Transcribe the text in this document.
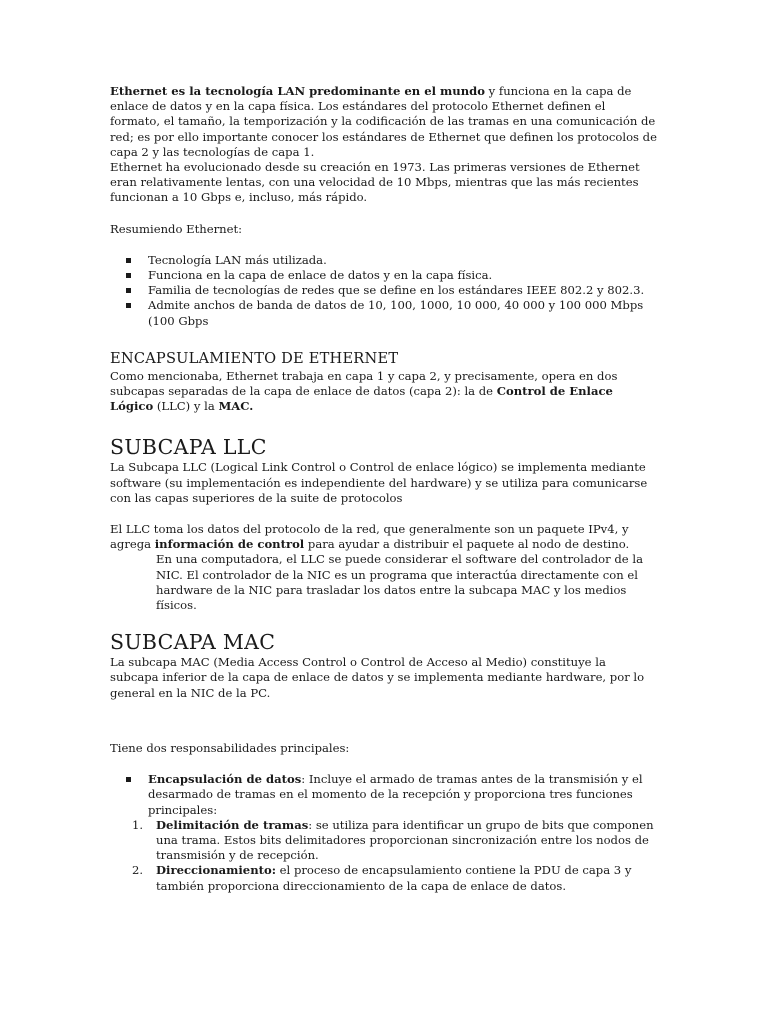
Ethernet es la tecnología LAN predominante en el mundo y funciona en la capa de enlace de datos y en la capa física. Los estándares del protocolo Ethernet definen el formato, el tamaño, la temporización y la codificación de las tramas en una comunicación de red; es por ello importante conocer los estándares de Ethernet que definen los protocolos de capa 2 y las tecnologías de capa 1.

Ethernet ha evolucionado desde su creación en 1973. Las primeras versiones de Ethernet eran relativamente lentas, con una velocidad de 10 Mbps, mientras que las más recientes funcionan a 10 Gbps e, incluso, más rápido.

Resumiendo Ethernet:

Tecnología LAN más utilizada.
Funciona en la capa de enlace de datos y en la capa física.
Familia de tecnologías de redes que se define en los estándares IEEE 802.2 y 802.3.
Admite anchos de banda de datos de 10, 100, 1000, 10 000, 40 000 y 100 000 Mbps (100 Gbps
ENCAPSULAMIENTO DE ETHERNET

Como mencionaba, Ethernet trabaja en capa 1 y capa 2, y precisamente, opera en dos subcapas separadas de la capa de enlace de datos (capa 2): la de Control de Enlace Lógico (LLC) y la MAC.

SUBCAPA LLC

La Subcapa LLC (Logical Link Control o Control de enlace lógico) se implementa mediante software (su implementación es independiente del hardware) y se utiliza para comunicarse con las capas superiores de la suite de protocolos

El LLC toma los datos del protocolo de la red, que generalmente son un paquete IPv4, y agrega información de control para ayudar a distribuir el paquete al nodo de destino.

En una computadora, el LLC se puede considerar el software del controlador de la NIC. El controlador de la NIC es un programa que interactúa directamente con el hardware de la NIC para trasladar los datos entre la subcapa MAC y los medios físicos.

SUBCAPA MAC

La subcapa MAC (Media Access Control o Control de Acceso al Medio) constituye la subcapa inferior de la capa de enlace de datos y se implementa mediante hardware, por lo general en la NIC de la PC.

Tiene dos responsabilidades principales:

Encapsulación de datos: Incluye el armado de tramas antes de la transmisión y el desarmado de tramas en el momento de la recepción y proporciona tres funciones principales:
1. Delimitación de tramas: se utiliza para identificar un grupo de bits que componen una trama. Estos bits delimitadores proporcionan sincronización entre los nodos de transmisión y de recepción.
2. Direccionamiento: el proceso de encapsulamiento contiene la PDU de capa 3 y también proporciona direccionamiento de la capa de enlace de datos.
